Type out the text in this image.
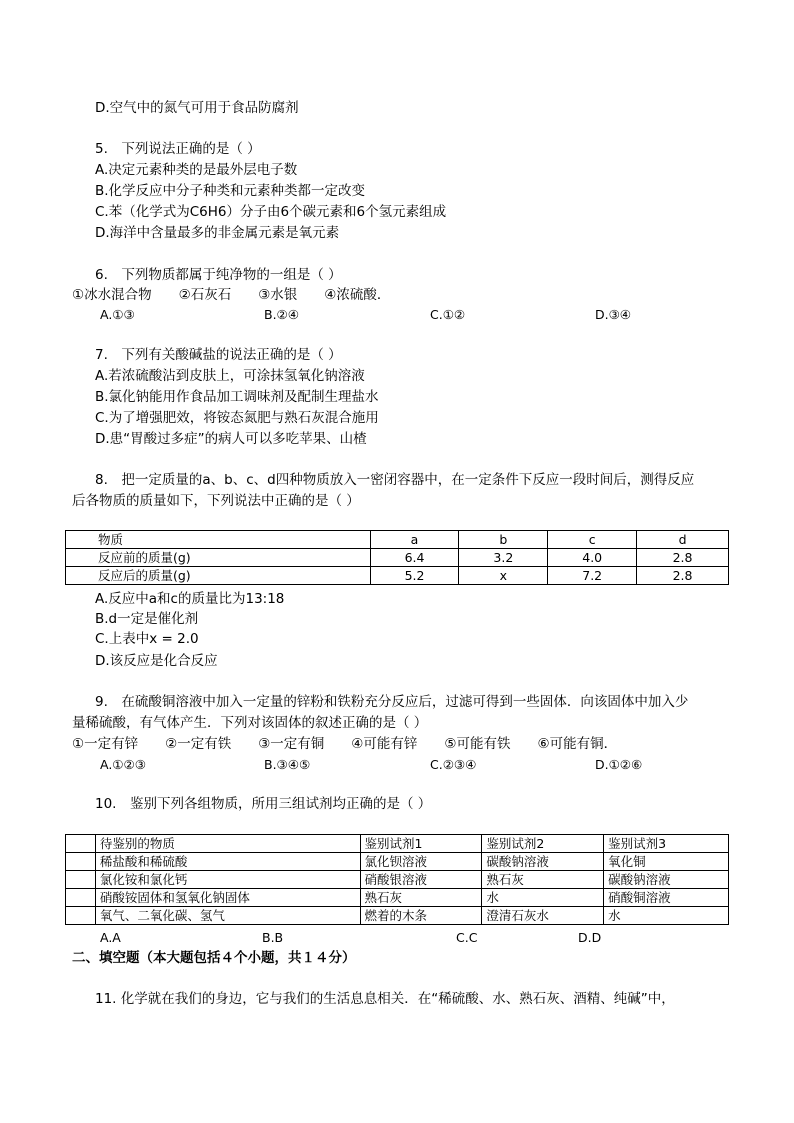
D.空气中的氮气可用于食品防腐剂
5.　下列说法正确的是（ ）
A.决定元素种类的是最外层电子数
B.化学反应中分子种类和元素种类都一定改变
C.苯（化学式为C6H6）分子由6个碳元素和6个氢元素组成
D.海洋中含量最多的非金属元素是氧元素
6.　下列物质都属于纯净物的一组是（ ）
①冰水混合物　　②石灰石　　③水银　　④浓硫酸．
A.①③	B.②④	C.①②	D.③④
7.　下列有关酸碱盐的说法正确的是（ ）
A.若浓硫酸沾到皮肤上，可涂抹氢氧化钠溶液
B.氯化钠能用作食品加工调味剂及配制生理盐水
C.为了增强肥效，将铵态氮肥与熟石灰混合施用
D.患“胃酸过多症”的病人可以多吃苹果、山楂
8.　把一定质量的a、b、c、d四种物质放入一密闭容器中，在一定条件下反应一段时间后，测得反应
后各物质的质量如下，下列说法中正确的是（ ）
物质	a	b	c	d
反应前的质量(g)	6.4	3.2	4.0	2.8
反应后的质量(g)	5.2	x	7.2	2.8
A.反应中a和c的质量比为13:18
B.d一定是催化剂
C.上表中x = 2.0
D.该反应是化合反应
9.　在硫酸铜溶液中加入一定量的锌粉和铁粉充分反应后，过滤可得到一些固体．向该固体中加入少
量稀硫酸，有气体产生．下列对该固体的叙述正确的是（ ）
①一定有锌　　②一定有铁　　③一定有铜　　④可能有锌　　⑤可能有铁　　⑥可能有铜．
A.①②③	B.③④⑤	C.②③④	D.①②⑥
10.　鉴别下列各组物质，所用三组试剂均正确的是（ ）
	待鉴别的物质	鉴别试剂1	鉴别试剂2	鉴别试剂3
	稀盐酸和稀硫酸	氯化钡溶液	碳酸钠溶液	氧化铜
	氯化铵和氯化钙	硝酸银溶液	熟石灰	碳酸钠溶液
	硝酸铵固体和氢氧化钠固体	熟石灰	水	硝酸铜溶液
	氧气、二氧化碳、氢气	燃着的木条	澄清石灰水	水
A.A	B.B	C.C	D.D
二、填空题（本大题包括４个小题，共１４分）
11. 化学就在我们的身边，它与我们的生活息息相关．在“稀硫酸、水、熟石灰、酒精、纯碱”中，
